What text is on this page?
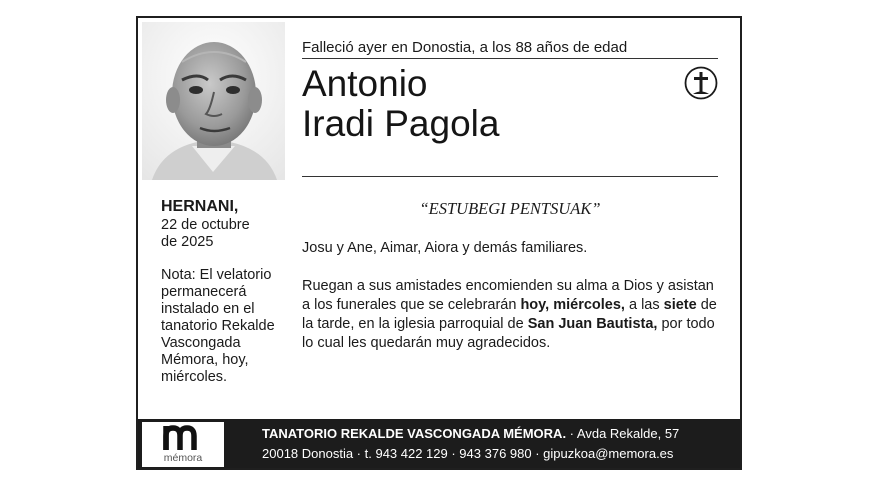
HERNANI,
22 de octubre
de 2025
Nota: El velatorio permanecerá instalado en el tanatorio Rekalde Vascongada Mémora, hoy, miércoles.
Falleció ayer en Donostia, a los 88 años de edad
Antonio
Iradi Pagola
“ESTUBEGI PENTSUAK”
Josu y Ane, Aimar, Aiora y demás familiares.
Ruegan a sus amistades encomienden su alma a Dios y asistan a los funerales que se celebrarán hoy, miércoles, a las siete de la tarde, en la iglesia parroquial de San Juan Bautista, por todo lo cual les quedarán muy agradecidos.
mémora
TANATORIO REKALDE VASCONGADA MÉMORA. · Avda Rekalde, 57
20018 Donostia · t. 943 422 129 · 943 376 980 · gipuzkoa@memora.es
